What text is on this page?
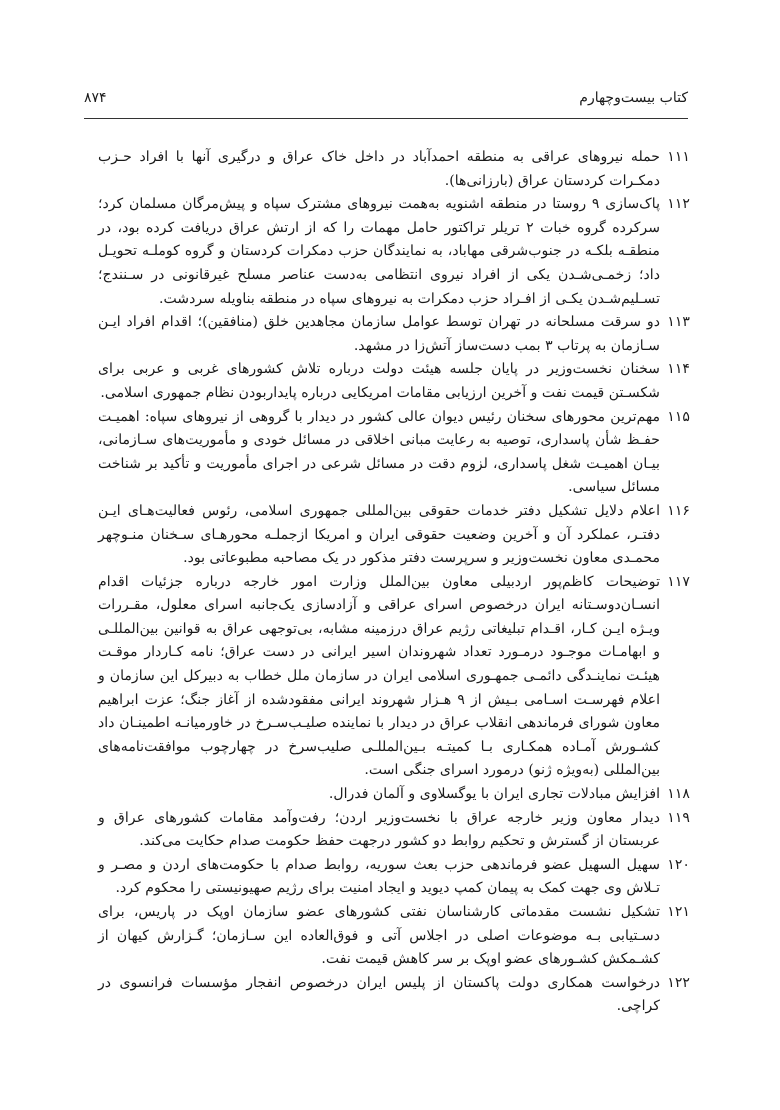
کتاب بیست‌وچهارم
۸۷۴
۱۱۱
حمله نیروهای عراقی به منطقه احمدآباد در داخل خاک عراق و درگیری آنها با افراد حـزب دمکـرات کردستان عراق (بارزانی‌ها).
۱۱۲
پاک‌سازی ۹ روستا در منطقه اشنویه به‌همت نیروهای مشترک سپاه و پیش‌مرگان مسلمان کرد؛ سرکرده گروه خبات ۲ تریلر تراکتور حامل مهمات را که از ارتش عراق دریافت کرده بود، در منطقـه بلکـه در جنوب‌شرقی مهاباد، به نمایندگان حزب دمکرات کردستان و گروه کوملـه تحویـل داد؛ زخمـی‌شـدن یکی از افراد نیروی انتظامی به‌دست عناصر مسلح غیرقانونی در سـنندج؛ تسـلیم‌شـدن یکـی از افـراد حزب دمکرات به نیروهای سپاه در منطقه بناویله سردشت.
۱۱۳
دو سرقت مسلحانه در تهران توسط عوامل سازمان مجاهدین خلق (منافقین)؛ اقدام افراد ایـن سـازمان به پرتاب ۳ بمب دست‌ساز آتش‌زا در مشهد.
۱۱۴
سخنان نخست‌وزیر در پایان جلسه هیئت دولت درباره تلاش کشورهای غربی و عربی برای شکسـتن قیمت نفت و آخرین ارزیابی مقامات امریکایی درباره پایداربودن نظام جمهوری اسلامی.
۱۱۵
مهم‌ترین محورهای سخنان رئیس دیوان عالی کشور در دیدار با گروهی از نیروهای سپاه: اهمیـت حفـظ شأن پاسداری، توصیه به رعایت مبانی اخلاقی در مسائل خودی و مأموریت‌های سـازمانی، بیـان اهمیـت شغل پاسداری، لزوم دقت در مسائل شرعی در اجرای مأموریت و تأکید بر شناخت مسائل سیاسی.
۱۱۶
اعلام دلایل تشکیل دفتر خدمات حقوقی بین‌المللی جمهوری اسلامی، رئوس فعالیت‌هـای ایـن دفتـر، عملکرد آن و آخرین وضعیت حقوقی ایران و امریکا ازجملـه محورهـای سـخنان منـوچهر محمـدی معاون نخست‌وزیر و سرپرست دفتر مذکور در یک مصاحبه مطبوعاتی بود.
۱۱۷
توضیحات کاظم‌پور اردبیلی معاون بین‌الملل وزارت امور خارجه درباره جزئیات اقدام انسـان‌دوسـتانه ایران درخصوص اسرای عراقی و آزادسازی یک‌جانبه اسرای معلول، مقـررات ویـژه ایـن کـار، اقـدام تبلیغاتی رژیم عراق درزمینه مشابه، بی‌توجهی عراق به قوانین بین‌المللـی و ابهامـات موجـود درمـورد تعداد شهروندان اسیر ایرانی در دست عراق؛ نامه کـاردار موقـت هیئـت نماینـدگی دائمـی جمهـوری اسلامی ایران در سازمان ملل خطاب به دبیرکل این سازمان و اعلام فهرسـت اسـامی بـیش از ۹ هـزار شهروند ایرانی مفقودشده از آغاز جنگ؛ عزت ابراهیم معاون شورای فرماندهی انقلاب عراق در دیدار با نماینده صلیـب‌سـرخ در خاورمیانـه اطمینـان داد کشـورش آمـاده همکـاری بـا کمیتـه بـین‌المللـی صلیب‌سرخ در چهارچوب موافقت‌نامه‌های بین‌المللی (به‌ویژه ژنو) درمورد اسرای جنگی است.
۱۱۸
افزایش مبادلات تجاری ایران با یوگسلاوی و آلمان فدرال.
۱۱۹
دیدار معاون وزیر خارجه عراق با نخست‌وزیر اردن؛ رفت‌وآمد مقامات کشورهای عراق و عربستان از گسترش و تحکیم روابط دو کشور درجهت حفظ حکومت صدام حکایت می‌کند.
۱۲۰
سهیل السهیل عضو فرماندهی حزب بعث سوریه، روابط صدام با حکومت‌های اردن و مصـر و تـلاش وی جهت کمک به پیمان کمپ دیوید و ایجاد امنیت برای رژیم صهیونیستی را محکوم کرد.
۱۲۱
تشکیل نشست مقدماتی کارشناسان نفتی کشورهای عضو سازمان اوپک در پاریس، برای دسـتیابی بـه موضوعات اصلی در اجلاس آتی و فوق‌العاده این سـازمان؛ گـزارش کیهان از کشـمکش کشـورهای عضو اوپک بر سر کاهش قیمت نفت.
۱۲۲
درخواست همکاری دولت پاکستان از پلیس ایران درخصوص انفجار مؤسسات فرانسوی در کراچی.
